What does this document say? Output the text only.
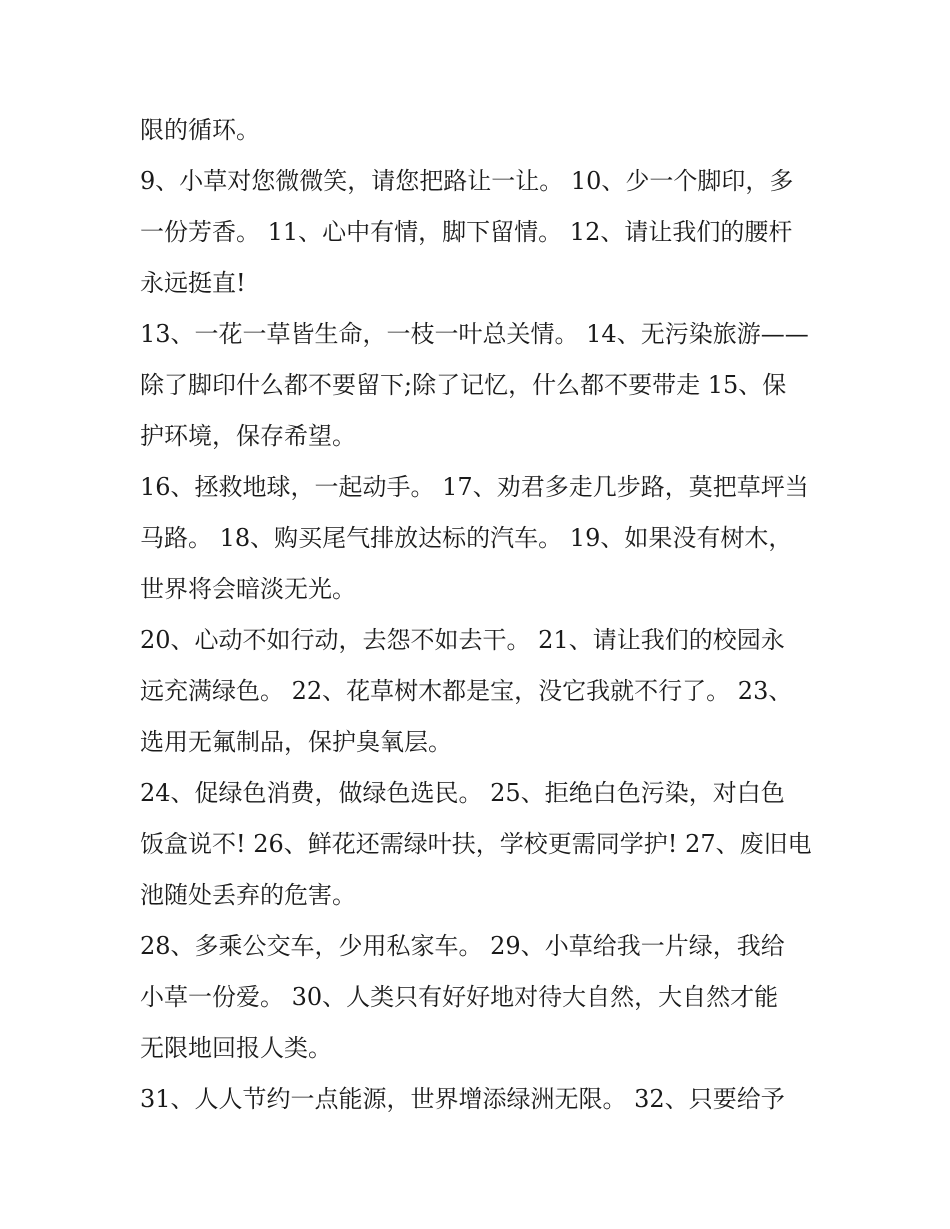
限的循环。

9、小草对您微微笑，请您把路让一让。 10、少一个脚印，多
一份芳香。 11、心中有情，脚下留情。 12、请让我们的腰杆
永远挺直!

13、一花一草皆生命，一枝一叶总关情。 14、无污染旅游——
除了脚印什么都不要留下;除了记忆，什么都不要带走 15、保
护环境，保存希望。

16、拯救地球，一起动手。 17、劝君多走几步路，莫把草坪当
马路。 18、购买尾气排放达标的汽车。 19、如果没有树木，
世界将会暗淡无光。

20、心动不如行动，去怨不如去干。 21、请让我们的校园永
远充满绿色。 22、花草树木都是宝，没它我就不行了。 23、
选用无氟制品，保护臭氧层。

24、促绿色消费，做绿色选民。 25、拒绝白色污染，对白色
饭盒说不! 26、鲜花还需绿叶扶，学校更需同学护! 27、废旧电
池随处丢弃的危害。

28、多乘公交车，少用私家车。 29、小草给我一片绿，我给
小草一份爱。 30、人类只有好好地对待大自然，大自然才能
无限地回报人类。

31、人人节约一点能源，世界增添绿洲无限。 32、只要给予
